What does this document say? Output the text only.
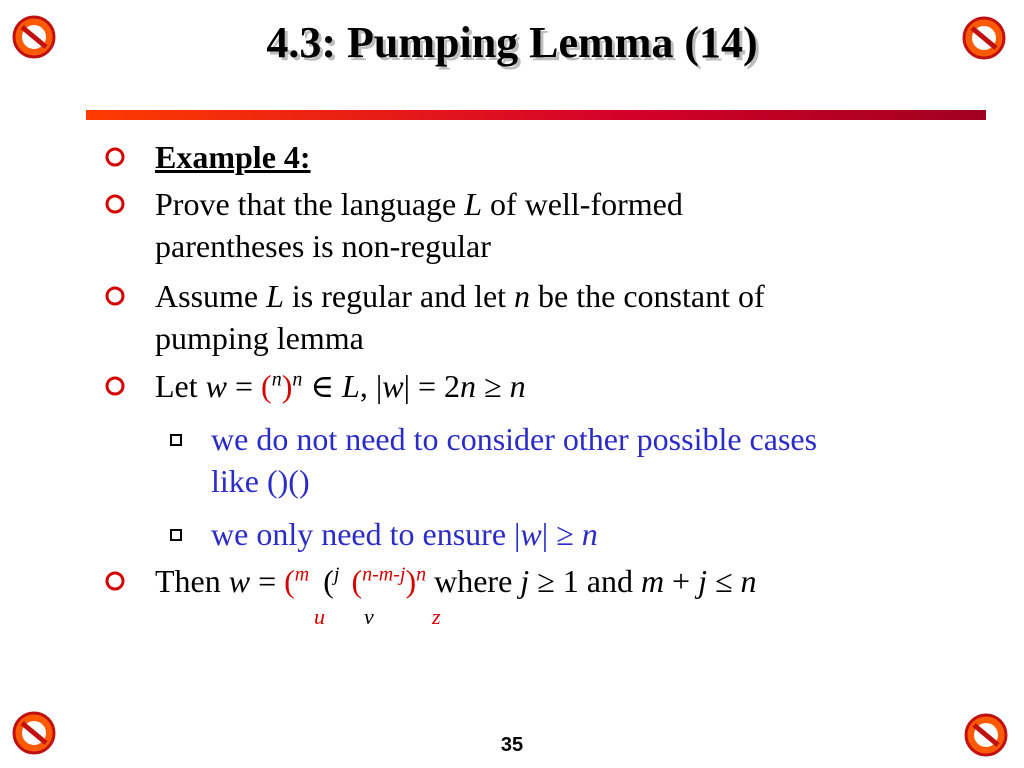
4.3: Pumping Lemma (14)
Example 4:
Prove that the language L of well-formed
parentheses is non-regular
Assume L is regular and let n be the constant of
pumping lemma
Let $w = (^n)^n$ ∈ L, |w| = 2n ≥ n
we do not need to consider other possible cases
like ()()
we only need to ensure |w| ≥ n
Then w = ($^m$ ($^j$ $(^{n-m-j})^n$ where j ≥ 1 and m + j ≤ n
u v	z
35
